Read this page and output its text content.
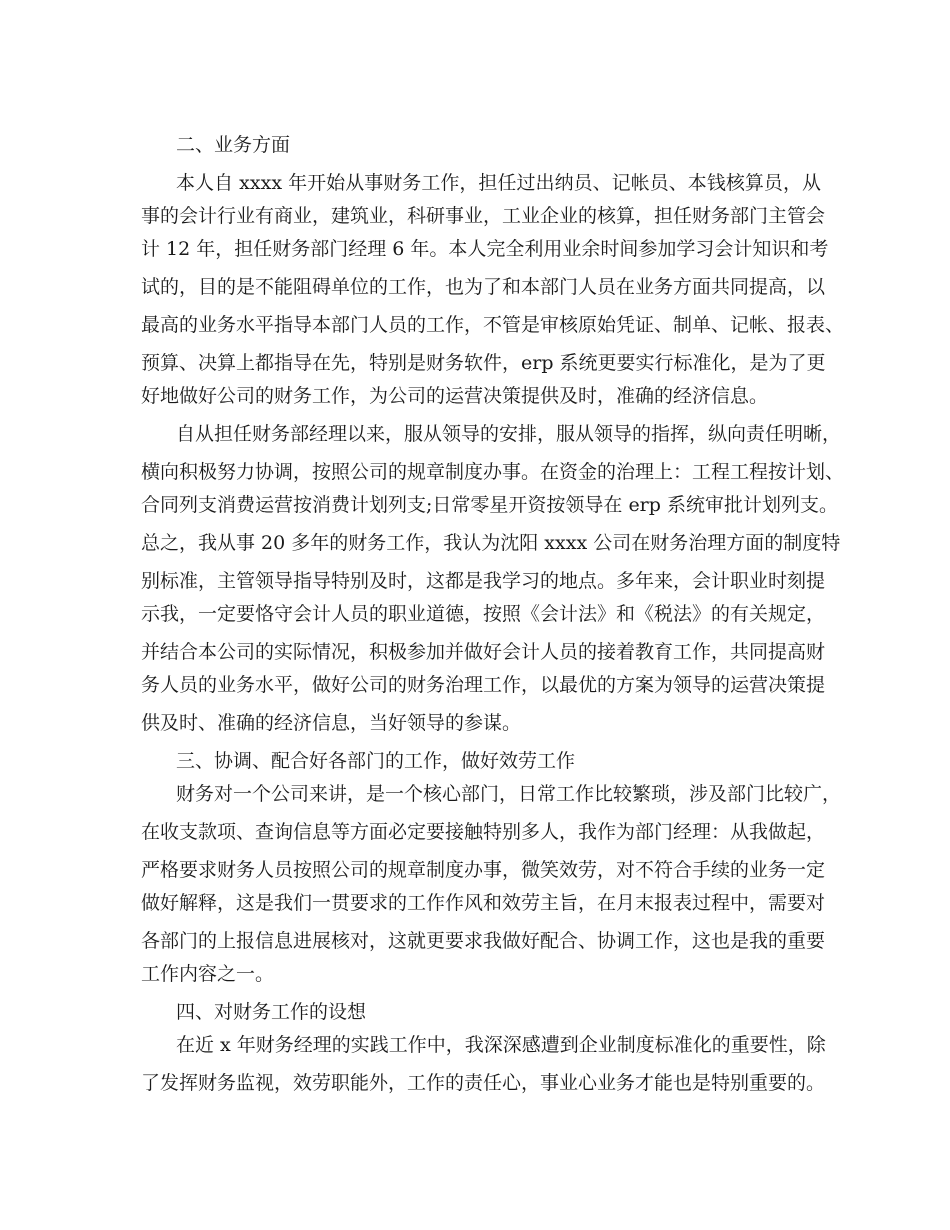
二、业务方面
本人自 xxxx 年开始从事财务工作，担任过出纳员、记帐员、本钱核算员，从
事的会计行业有商业，建筑业，科研事业，工业企业的核算，担任财务部门主管会
计 12 年，担任财务部门经理 6 年。本人完全利用业余时间参加学习会计知识和考
试的，目的是不能阻碍单位的工作，也为了和本部门人员在业务方面共同提高，以
最高的业务水平指导本部门人员的工作，不管是审核原始凭证、制单、记帐、报表、
预算、决算上都指导在先，特别是财务软件，erp 系统更要实行标准化，是为了更
好地做好公司的财务工作，为公司的运营决策提供及时，准确的经济信息。
自从担任财务部经理以来，服从领导的安排，服从领导的指挥，纵向责任明晰，
横向积极努力协调，按照公司的规章制度办事。在资金的治理上：工程工程按计划、
合同列支消费运营按消费计划列支;日常零星开资按领导在 erp 系统审批计划列支。
总之，我从事 20 多年的财务工作，我认为沈阳 xxxx 公司在财务治理方面的制度特
别标准，主管领导指导特别及时，这都是我学习的地点。多年来，会计职业时刻提
示我，一定要恪守会计人员的职业道德，按照《会计法》和《税法》的有关规定，
并结合本公司的实际情况，积极参加并做好会计人员的接着教育工作，共同提高财
务人员的业务水平，做好公司的财务治理工作，以最优的方案为领导的运营决策提
供及时、准确的经济信息，当好领导的参谋。
三、协调、配合好各部门的工作，做好效劳工作
财务对一个公司来讲，是一个核心部门，日常工作比较繁琐，涉及部门比较广，
在收支款项、查询信息等方面必定要接触特别多人，我作为部门经理：从我做起，
严格要求财务人员按照公司的规章制度办事，微笑效劳，对不符合手续的业务一定
做好解释，这是我们一贯要求的工作作风和效劳主旨，在月末报表过程中，需要对
各部门的上报信息进展核对，这就更要求我做好配合、协调工作，这也是我的重要
工作内容之一。
四、对财务工作的设想
在近 x 年财务经理的实践工作中，我深深感遭到企业制度标准化的重要性，除
了发挥财务监视，效劳职能外，工作的责任心，事业心业务才能也是特别重要的。
